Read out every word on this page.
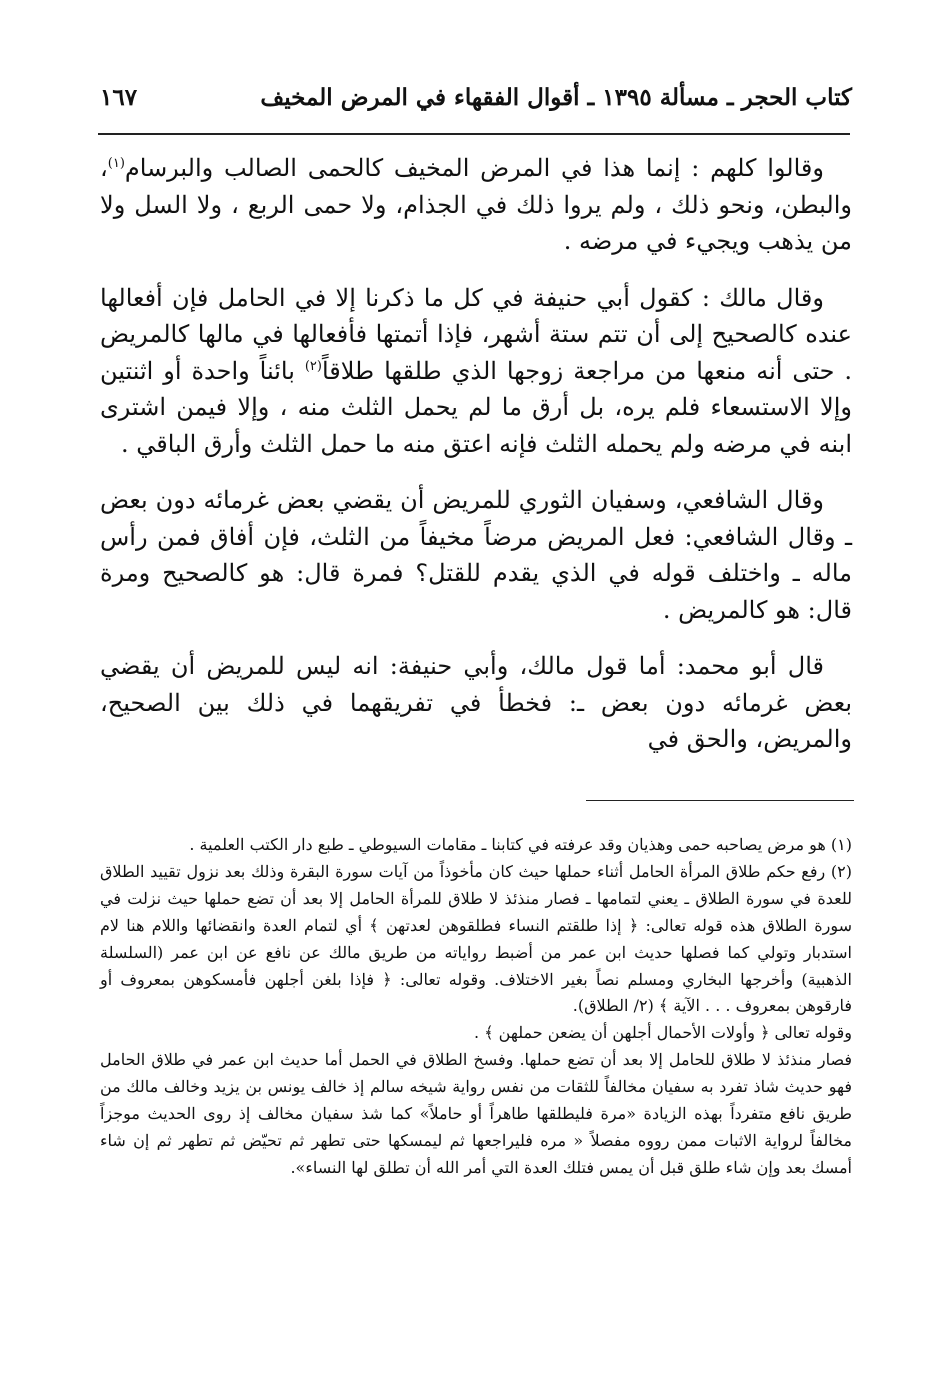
كتاب الحجر ـ مسألة ١٣٩٥ ـ أقوال الفقهاء في المرض المخيف
١٦٧

وقالوا كلهم : إنما هذا في المرض المخيف كالحمى الصالب والبرسام$^{(١)}$، والبطن، ونحو ذلك ، ولم يروا ذلك في الجذام، ولا حمى الربع ، ولا السل ولا من يذهب ويجيء في مرضه .

وقال مالك : كقول أبي حنيفة في كل ما ذكرنا إلا في الحامل فإن أفعالها عنده كالصحيح إلى أن تتم ستة أشهر، فإذا أتمتها فأفعالها في مالها كالمريض . حتى أنه منعها من مراجعة زوجها الذي طلقها طلاقاً$^{(٢)}$ بائناً واحدة أو اثنتين وإلا الاستسعاء فلم يره، بل أرق ما لم يحمل الثلث منه ، وإلا فيمن اشترى ابنه في مرضه ولم يحمله الثلث فإنه اعتق منه ما حمل الثلث وأرق الباقي .

وقال الشافعي، وسفيان الثوري للمريض أن يقضي بعض غرمائه دون بعض ـ وقال الشافعي: فعل المريض مرضاً مخيفاً من الثلث، فإن أفاق فمن رأس ماله ـ واختلف قوله في الذي يقدم للقتل؟ فمرة قال: هو كالصحيح ومرة قال: هو كالمريض .

قال أبو محمد: أما قول مالك، وأبي حنيفة: انه ليس للمريض أن يقضي بعض غرمائه دون بعض ـ: فخطأ في تفريقهما في ذلك بين الصحيح، والمريض، والحق في

(١) هو مرض يصاحبه حمى وهذيان وقد عرفته في كتابنا ـ مقامات السيوطي ـ طبع دار الكتب العلمية .

(٢) رفع حكم طلاق المرأة الحامل أثناء حملها حيث كان مأخوذاً من آيات سورة البقرة وذلك بعد نزول تقييد الطلاق للعدة في سورة الطلاق ـ يعني لتمامها ـ فصار منذئذ لا طلاق للمرأة الحامل إلا بعد أن تضع حملها حيث نزلت في سورة الطلاق هذه قوله تعالى: ﴿ إذا طلقتم النساء فطلقوهن لعدتهن ﴾ أي لتمام العدة وانقضائها واللام هنا لام استدبار وتولي كما فصلها حديث ابن عمر من أضبط رواياته من طريق مالك عن نافع عن ابن عمر (السلسلة الذهبية) وأخرجها البخاري ومسلم نصاً بغير الاختلاف. وقوله تعالى: ﴿ فإذا بلغن أجلهن فأمسكوهن بمعروف أو فارقوهن بمعروف . . . الآية ﴾ (٢/ الطلاق).

وقوله تعالى ﴿ وأولات الأحمال أجلهن أن يضعن حملهن ﴾ .

فصار منذئذ لا طلاق للحامل إلا بعد أن تضع حملها. وفسخ الطلاق في الحمل أما حديث ابن عمر في طلاق الحامل فهو حديث شاذ تفرد به سفيان مخالفاً للثقات من نفس رواية شيخه سالم إذ خالف يونس بن يزيد وخالف مالك من طريق نافع متفرداً بهذه الزيادة «مرة فليطلقها طاهراً أو حاملاً» كما شذ سفيان مخالف إذ روى الحديث موجزاً مخالفاً لرواية الاثبات ممن رووه مفصلاً « مره فليراجعها ثم ليمسكها حتى تطهر ثم تحيّض ثم تطهر ثم إن شاء أمسك بعد وإن شاء طلق قبل أن يمس فتلك العدة التي أمر الله أن تطلق لها النساء».
